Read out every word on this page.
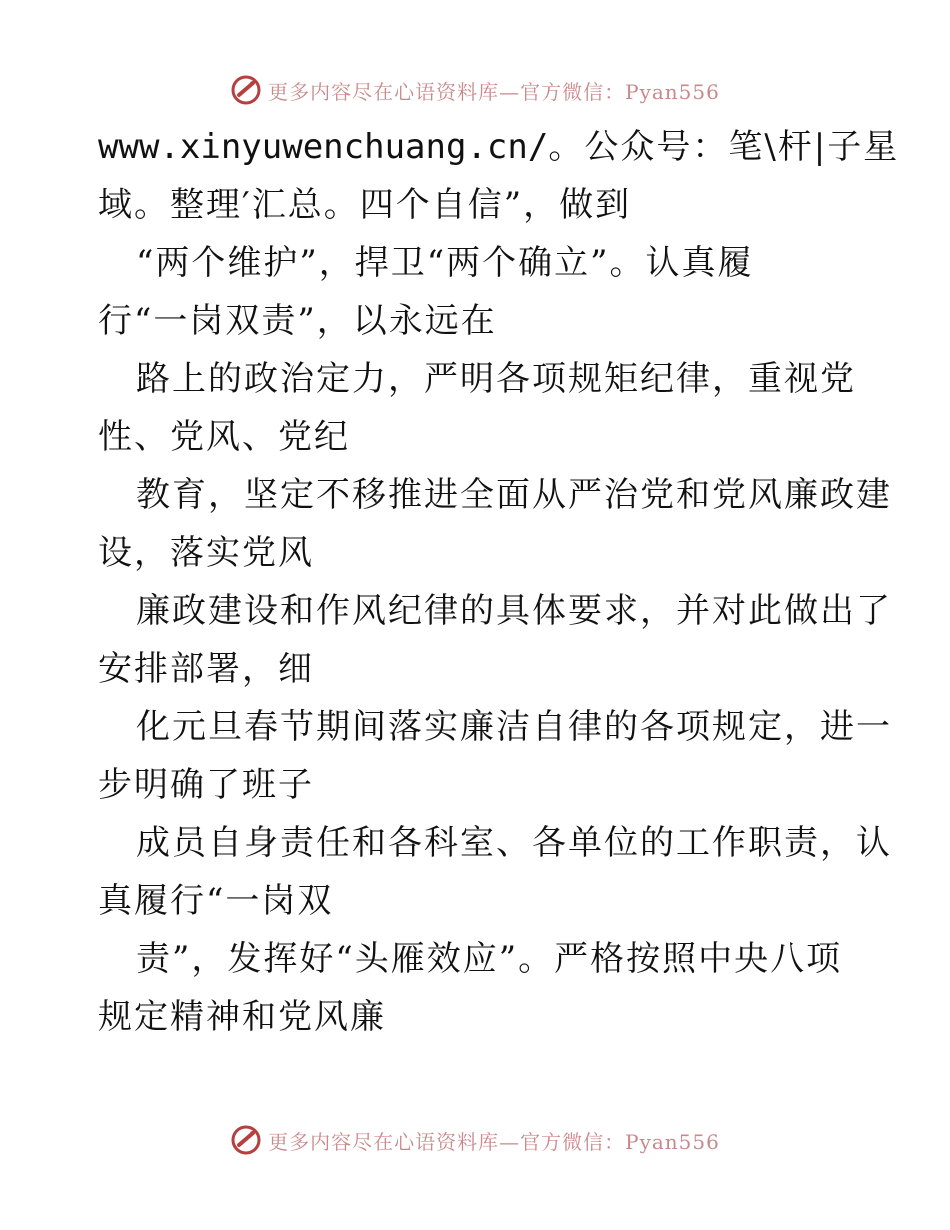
更多内容尽在心语资料库—官方微信：Pyan556
www.xinyuwenchuang.cn/。公众号：笔\杆|子星
域。整理′汇总。四个自信”，做到
“两个维护”，捍卫“两个确立”。认真履
行“一岗双责”，以永远在
路上的政治定力，严明各项规矩纪律，重视党
性、党风、党纪
教育，坚定不移推进全面从严治党和党风廉政建
设，落实党风
廉政建设和作风纪律的具体要求，并对此做出了
安排部署，细
化元旦春节期间落实廉洁自律的各项规定，进一
步明确了班子
成员自身责任和各科室、各单位的工作职责，认
真履行“一岗双
责”，发挥好“头雁效应”。严格按照中央八项
规定精神和党风廉
更多内容尽在心语资料库—官方微信：Pyan556
